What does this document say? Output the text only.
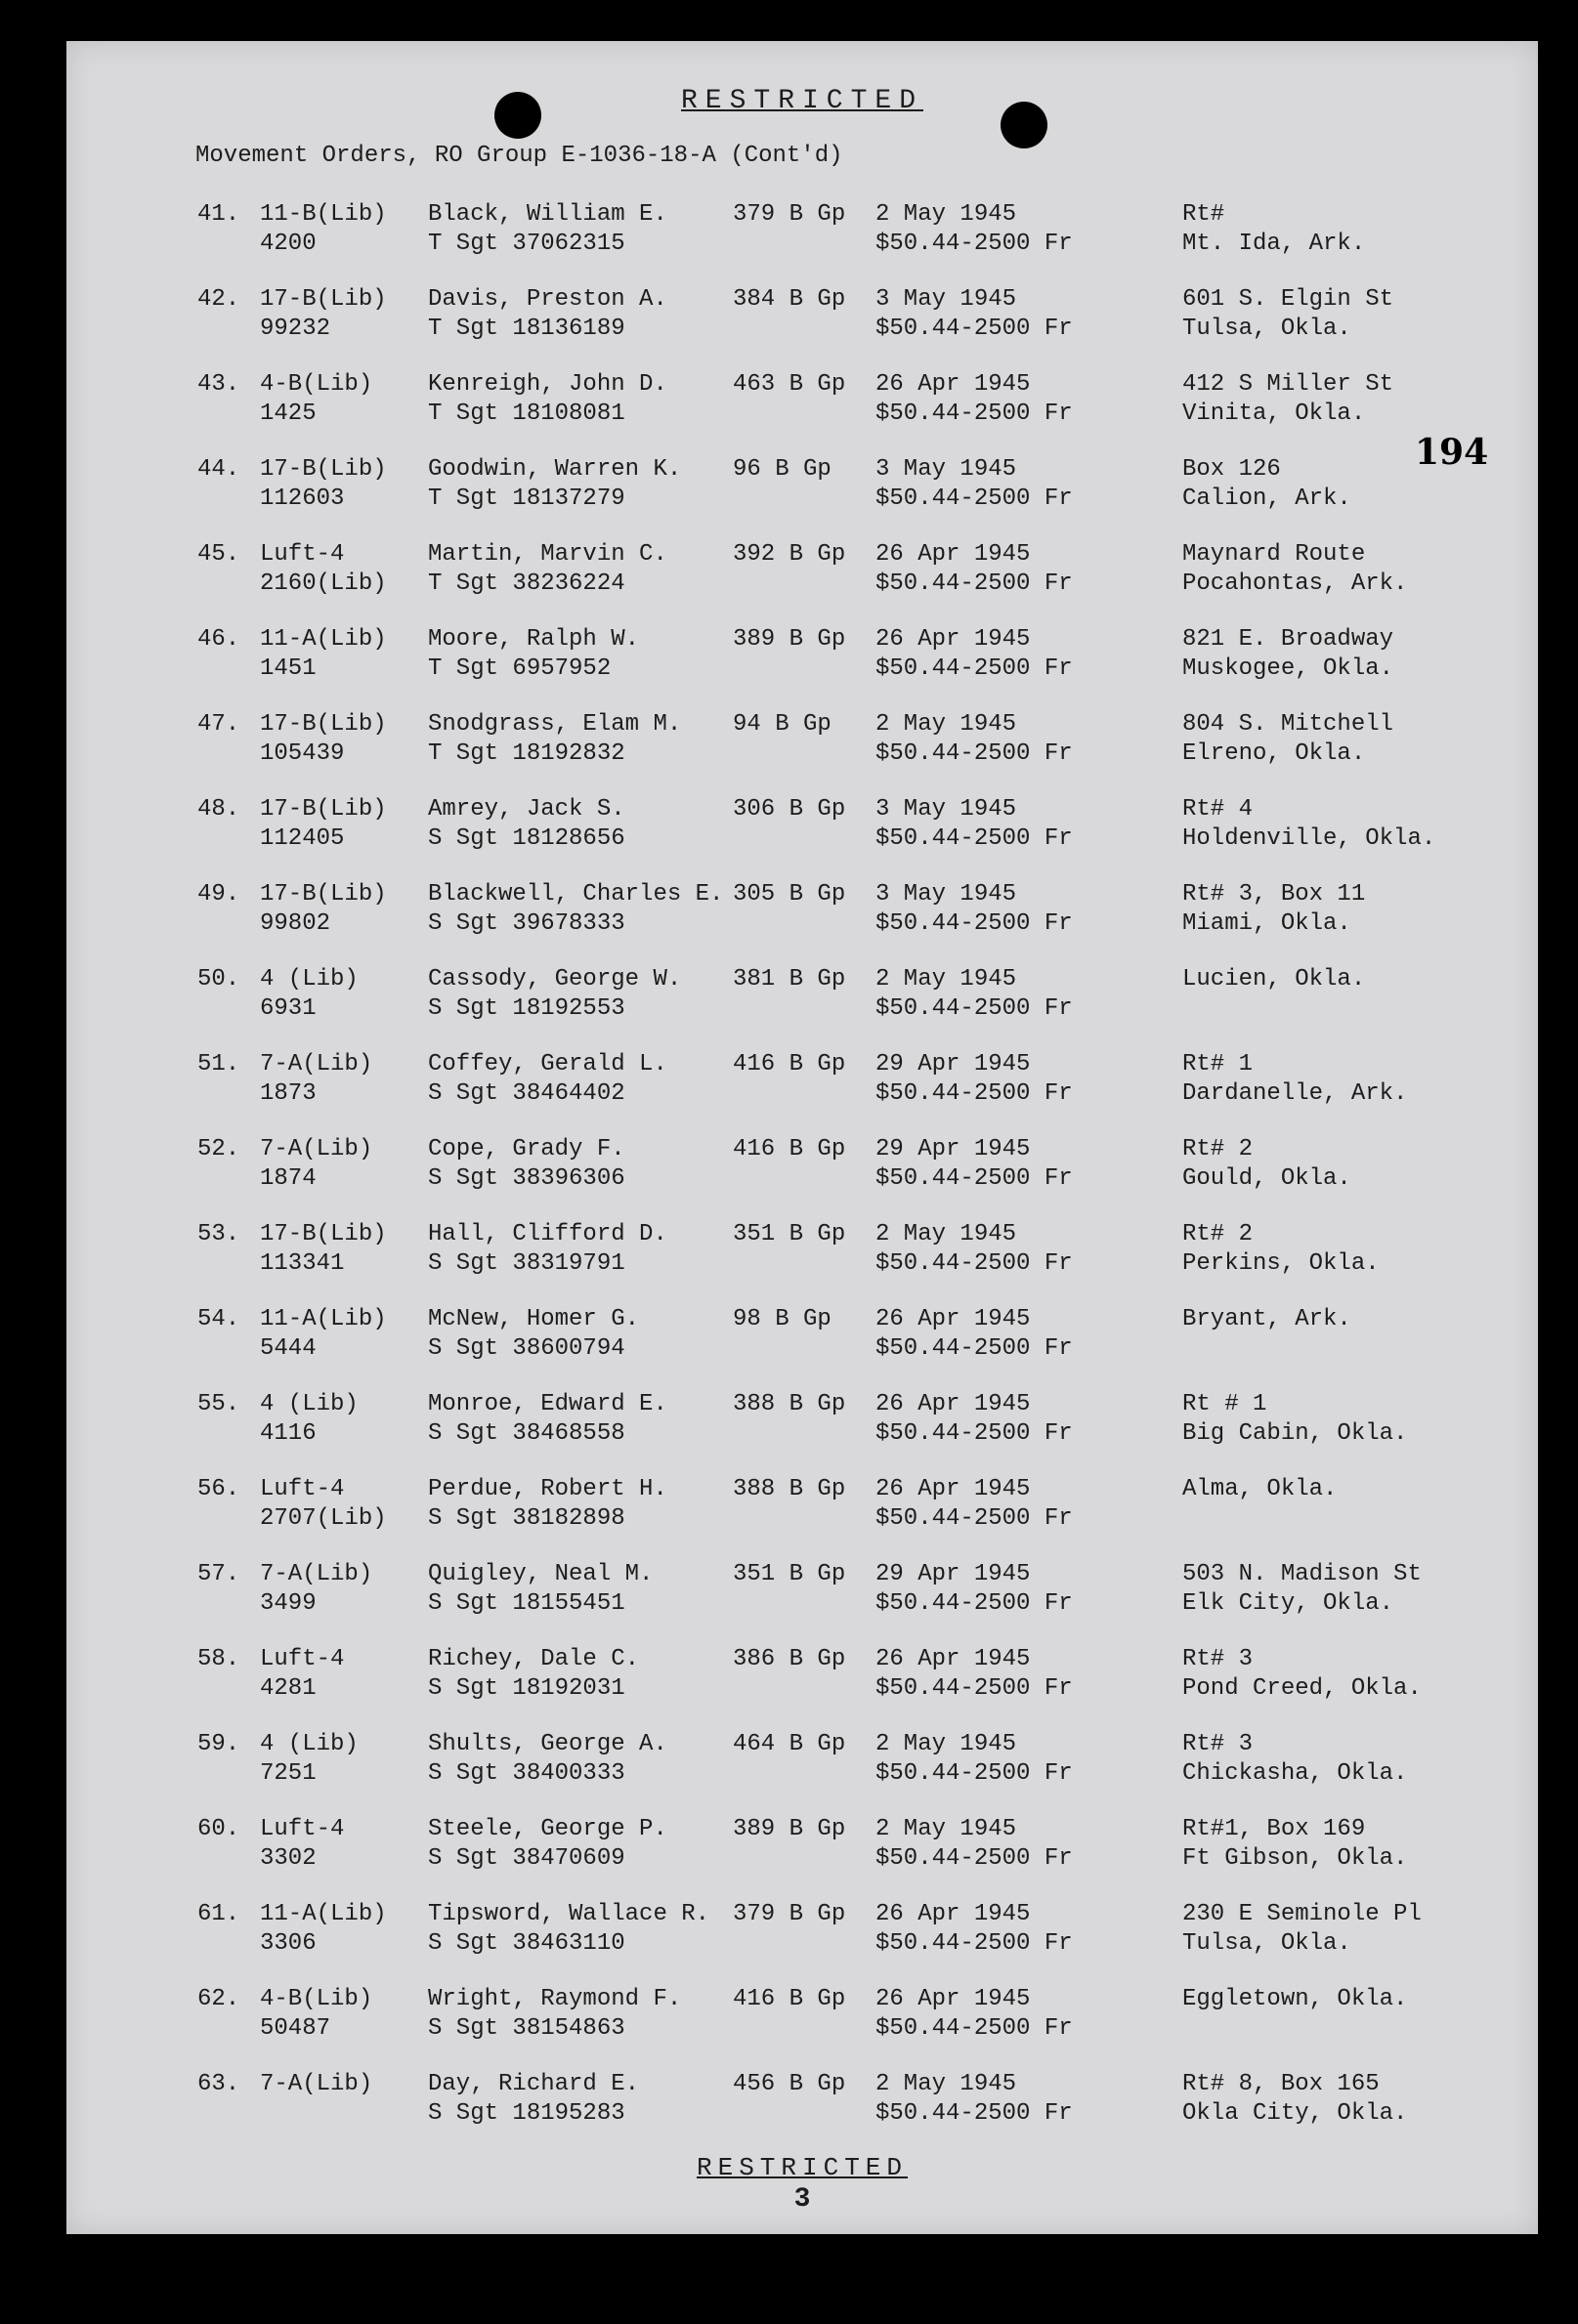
RESTRICTED
Movement Orders, RO Group E-1036-18-A (Cont'd)
194
41. 11-B(Lib)
4200
Black, William E.
T Sgt 37062315
379 B Gp 2 May 1945
$50.44-2500 Fr
Rt#
Mt. Ida, Ark.
42. 17-B(Lib)
99232
Davis, Preston A.
T Sgt 18136189
384 B Gp 3 May 1945
$50.44-2500 Fr
601 S. Elgin St
Tulsa, Okla.
43. 4-B(Lib)
1425
Kenreigh, John D.
T Sgt 18108081
463 B Gp 26 Apr 1945
$50.44-2500 Fr
412 S Miller St
Vinita, Okla.
44. 17-B(Lib)
112603
Goodwin, Warren K.
T Sgt 18137279
96 B Gp 3 May 1945
$50.44-2500 Fr
Box 126
Calion, Ark.
45. Luft-4
2160(Lib)
Martin, Marvin C.
T Sgt 38236224
392 B Gp 26 Apr 1945
$50.44-2500 Fr
Maynard Route
Pocahontas, Ark.
46. 11-A(Lib)
1451
Moore, Ralph W.
T Sgt 6957952
389 B Gp 26 Apr 1945
$50.44-2500 Fr
821 E. Broadway
Muskogee, Okla.
47. 17-B(Lib)
105439
Snodgrass, Elam M.
T Sgt 18192832
94 B Gp 2 May 1945
$50.44-2500 Fr
804 S. Mitchell
Elreno, Okla.
48. 17-B(Lib)
112405
Amrey, Jack S.
S Sgt 18128656
306 B Gp 3 May 1945
$50.44-2500 Fr
Rt# 4
Holdenville, Okla.
49. 17-B(Lib)
99802
Blackwell, Charles E.
S Sgt 39678333
305 B Gp 3 May 1945
$50.44-2500 Fr
Rt# 3, Box 11
Miami, Okla.
50. 4 (Lib)
6931
Cassody, George W.
S Sgt 18192553
381 B Gp 2 May 1945
$50.44-2500 Fr
Lucien, Okla.
51. 7-A(Lib)
1873
Coffey, Gerald L.
S Sgt 38464402
416 B Gp 29 Apr 1945
$50.44-2500 Fr
Rt# 1
Dardanelle, Ark.
52. 7-A(Lib)
1874
Cope, Grady F.
S Sgt 38396306
416 B Gp 29 Apr 1945
$50.44-2500 Fr
Rt# 2
Gould, Okla.
53. 17-B(Lib)
113341
Hall, Clifford D.
S Sgt 38319791
351 B Gp 2 May 1945
$50.44-2500 Fr
Rt# 2
Perkins, Okla.
54. 11-A(Lib)
5444
McNew, Homer G.
S Sgt 38600794
98 B Gp 26 Apr 1945
$50.44-2500 Fr
Bryant, Ark.
55. 4 (Lib)
4116
Monroe, Edward E.
S Sgt 38468558
388 B Gp 26 Apr 1945
$50.44-2500 Fr
Rt # 1
Big Cabin, Okla.
56. Luft-4
2707(Lib)
Perdue, Robert H.
S Sgt 38182898
388 B Gp 26 Apr 1945
$50.44-2500 Fr
Alma, Okla.
57. 7-A(Lib)
3499
Quigley, Neal M.
S Sgt 18155451
351 B Gp 29 Apr 1945
$50.44-2500 Fr
503 N. Madison St
Elk City, Okla.
58. Luft-4
4281
Richey, Dale C.
S Sgt 18192031
386 B Gp 26 Apr 1945
$50.44-2500 Fr
Rt# 3
Pond Creed, Okla.
59. 4 (Lib)
7251
Shults, George A.
S Sgt 38400333
464 B Gp 2 May 1945
$50.44-2500 Fr
Rt# 3
Chickasha, Okla.
60. Luft-4
3302
Steele, George P.
S Sgt 38470609
389 B Gp 2 May 1945
$50.44-2500 Fr
Rt#1, Box 169
Ft Gibson, Okla.
61. 11-A(Lib)
3306
Tipsword, Wallace R.
S Sgt 38463110
379 B Gp 26 Apr 1945
$50.44-2500 Fr
230 E Seminole Pl
Tulsa, Okla.
62. 4-B(Lib)
50487
Wright, Raymond F.
S Sgt 38154863
416 B Gp 26 Apr 1945
$50.44-2500 Fr
Eggletown, Okla.
63. 7-A(Lib) Day, Richard E.
S Sgt 18195283
456 B Gp 2 May 1945
$50.44-2500 Fr
Rt# 8, Box 165
Okla City, Okla.
RESTRICTED
3
